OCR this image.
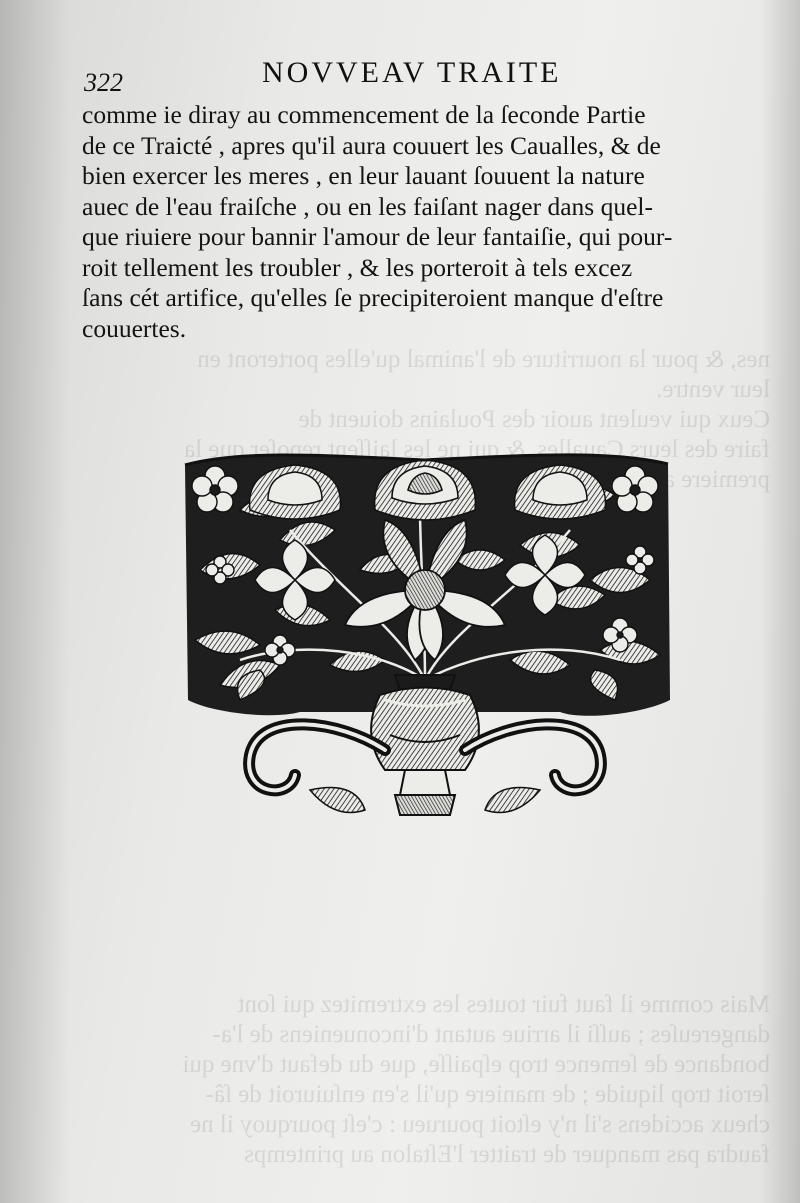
nes, & pour la nourriture de l'animal qu'elles porteront en
leur ventre.
Ceux qui veulent auoir des Poulains doiuent de
faire des leurs Caualles, & qui ne les laiſſent repoſer que la
premiere
Mais comme il faut fuir toutes les extremitez qui ſont
dangereuſes ; auſſi il arriue autant d'inconueniens de l'a-
bondance de ſemence trop eſpaiſſe, que du defaut d'vne qui
ſeroit trop liquide ; de maniere qu'il s'en enſuiuroit de ſâ-
cheux accidens s'il n'y eſtoit pourueu : c'eſt pourquoy il ne
faudra pas manquer de traitter l'Eſtalon au printemps
322	NOVVEAV TRAITE
comme ie diray au commencement de la ſeconde Partie
de ce Traicté , apres qu'il aura couuert les Caualles, & de
bien exercer les meres , en leur lauant ſouuent la nature
auec de l'eau fraiſche , ou en les faiſant nager dans quel-
que riuiere pour bannir l'amour de leur fantaiſie, qui pour-
roit tellement les troubler , & les porteroit à tels excez
ſans cét artifice, qu'elles ſe precipiteroient manque d'eſtre
couuertes.
